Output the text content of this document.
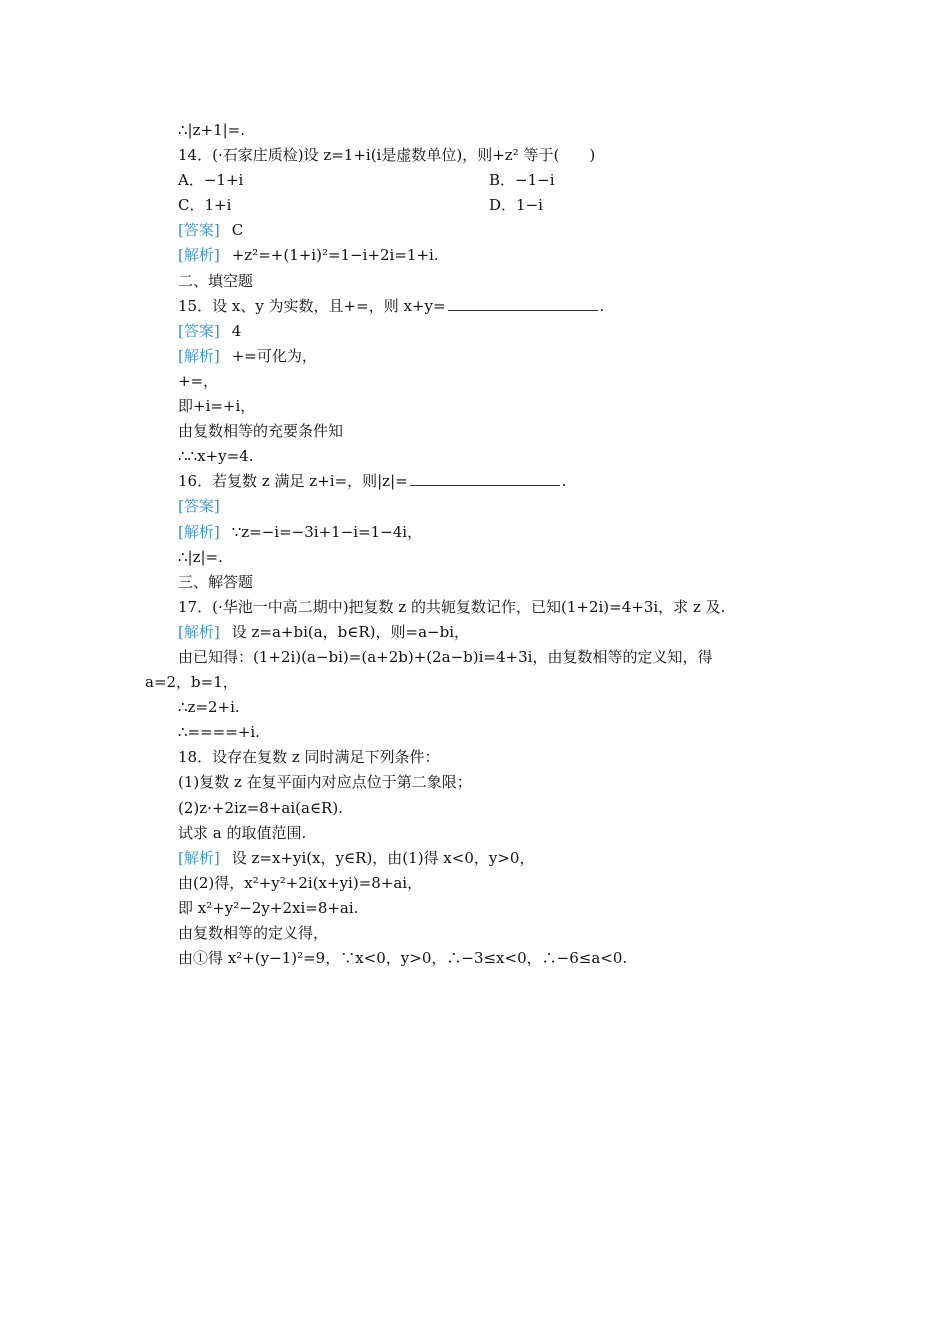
∴|z+1|=.
14．(·石家庄质检)设 z=1+i(i是虚数单位)，则+z² 等于(　　)
A．−1+i	B．−1−i
C．1+i	D．1−i
[答案] C
[解析] +z²=+(1+i)²=1−i+2i=1+i.
二、填空题
15．设 x、y 为实数，且+=，则 x+y=	.
[答案] 4
[解析] +=可化为，
+=，
即+i=+i，
由复数相等的充要条件知
∴∴x+y=4.
16．若复数 z 满足 z+i=，则|z|=	.
[答案]
[解析] ∵z=−i=−3i+1−i=1−4i，
∴|z|=.
三、解答题
17．(·华池一中高二期中)把复数 z 的共轭复数记作，已知(1+2i)=4+3i，求 z 及.
[解析] 设 z=a+bi(a，b∈R)，则=a−bi，
由已知得：(1+2i)(a−bi)=(a+2b)+(2a−b)i=4+3i，由复数相等的定义知，得
a=2，b=1，
∴z=2+i.
∴====+i.
18．设存在复数 z 同时满足下列条件：
(1)复数 z 在复平面内对应点位于第二象限；
(2)z·+2iz=8+ai(a∈R).
试求 a 的取值范围.
[解析] 设 z=x+yi(x，y∈R)，由(1)得 x<0，y>0，
由(2)得，x²+y²+2i(x+yi)=8+ai，
即 x²+y²−2y+2xi=8+ai.
由复数相等的定义得，
由①得 x²+(y−1)²=9，∵x<0，y>0，∴−3≤x<0，∴−6≤a<0.
